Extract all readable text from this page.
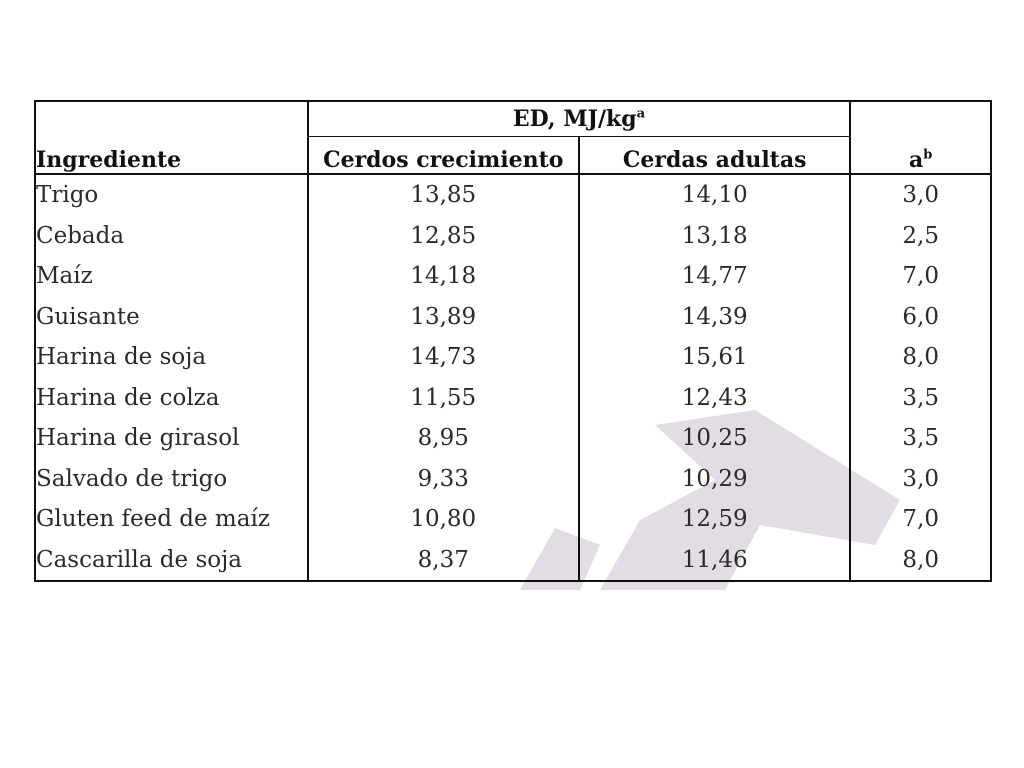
	ED, $MJ/kg^a$	
Ingrediente	Cerdos crecimiento	Cerdas adultas	$a^b$
Trigo	13,85	14,10	3,0
Cebada	12,85	13,18	2,5
Maíz	14,18	14,77	7,0
Guisante	13,89	14,39	6,0
Harina de soja	14,73	15,61	8,0
Harina de colza	11,55	12,43	3,5
Harina de girasol	8,95	10,25	3,5
Salvado de trigo	9,33	10,29	3,0
Gluten feed de maíz	10,80	12,59	7,0
Cascarilla de soja	8,37	11,46	8,0
